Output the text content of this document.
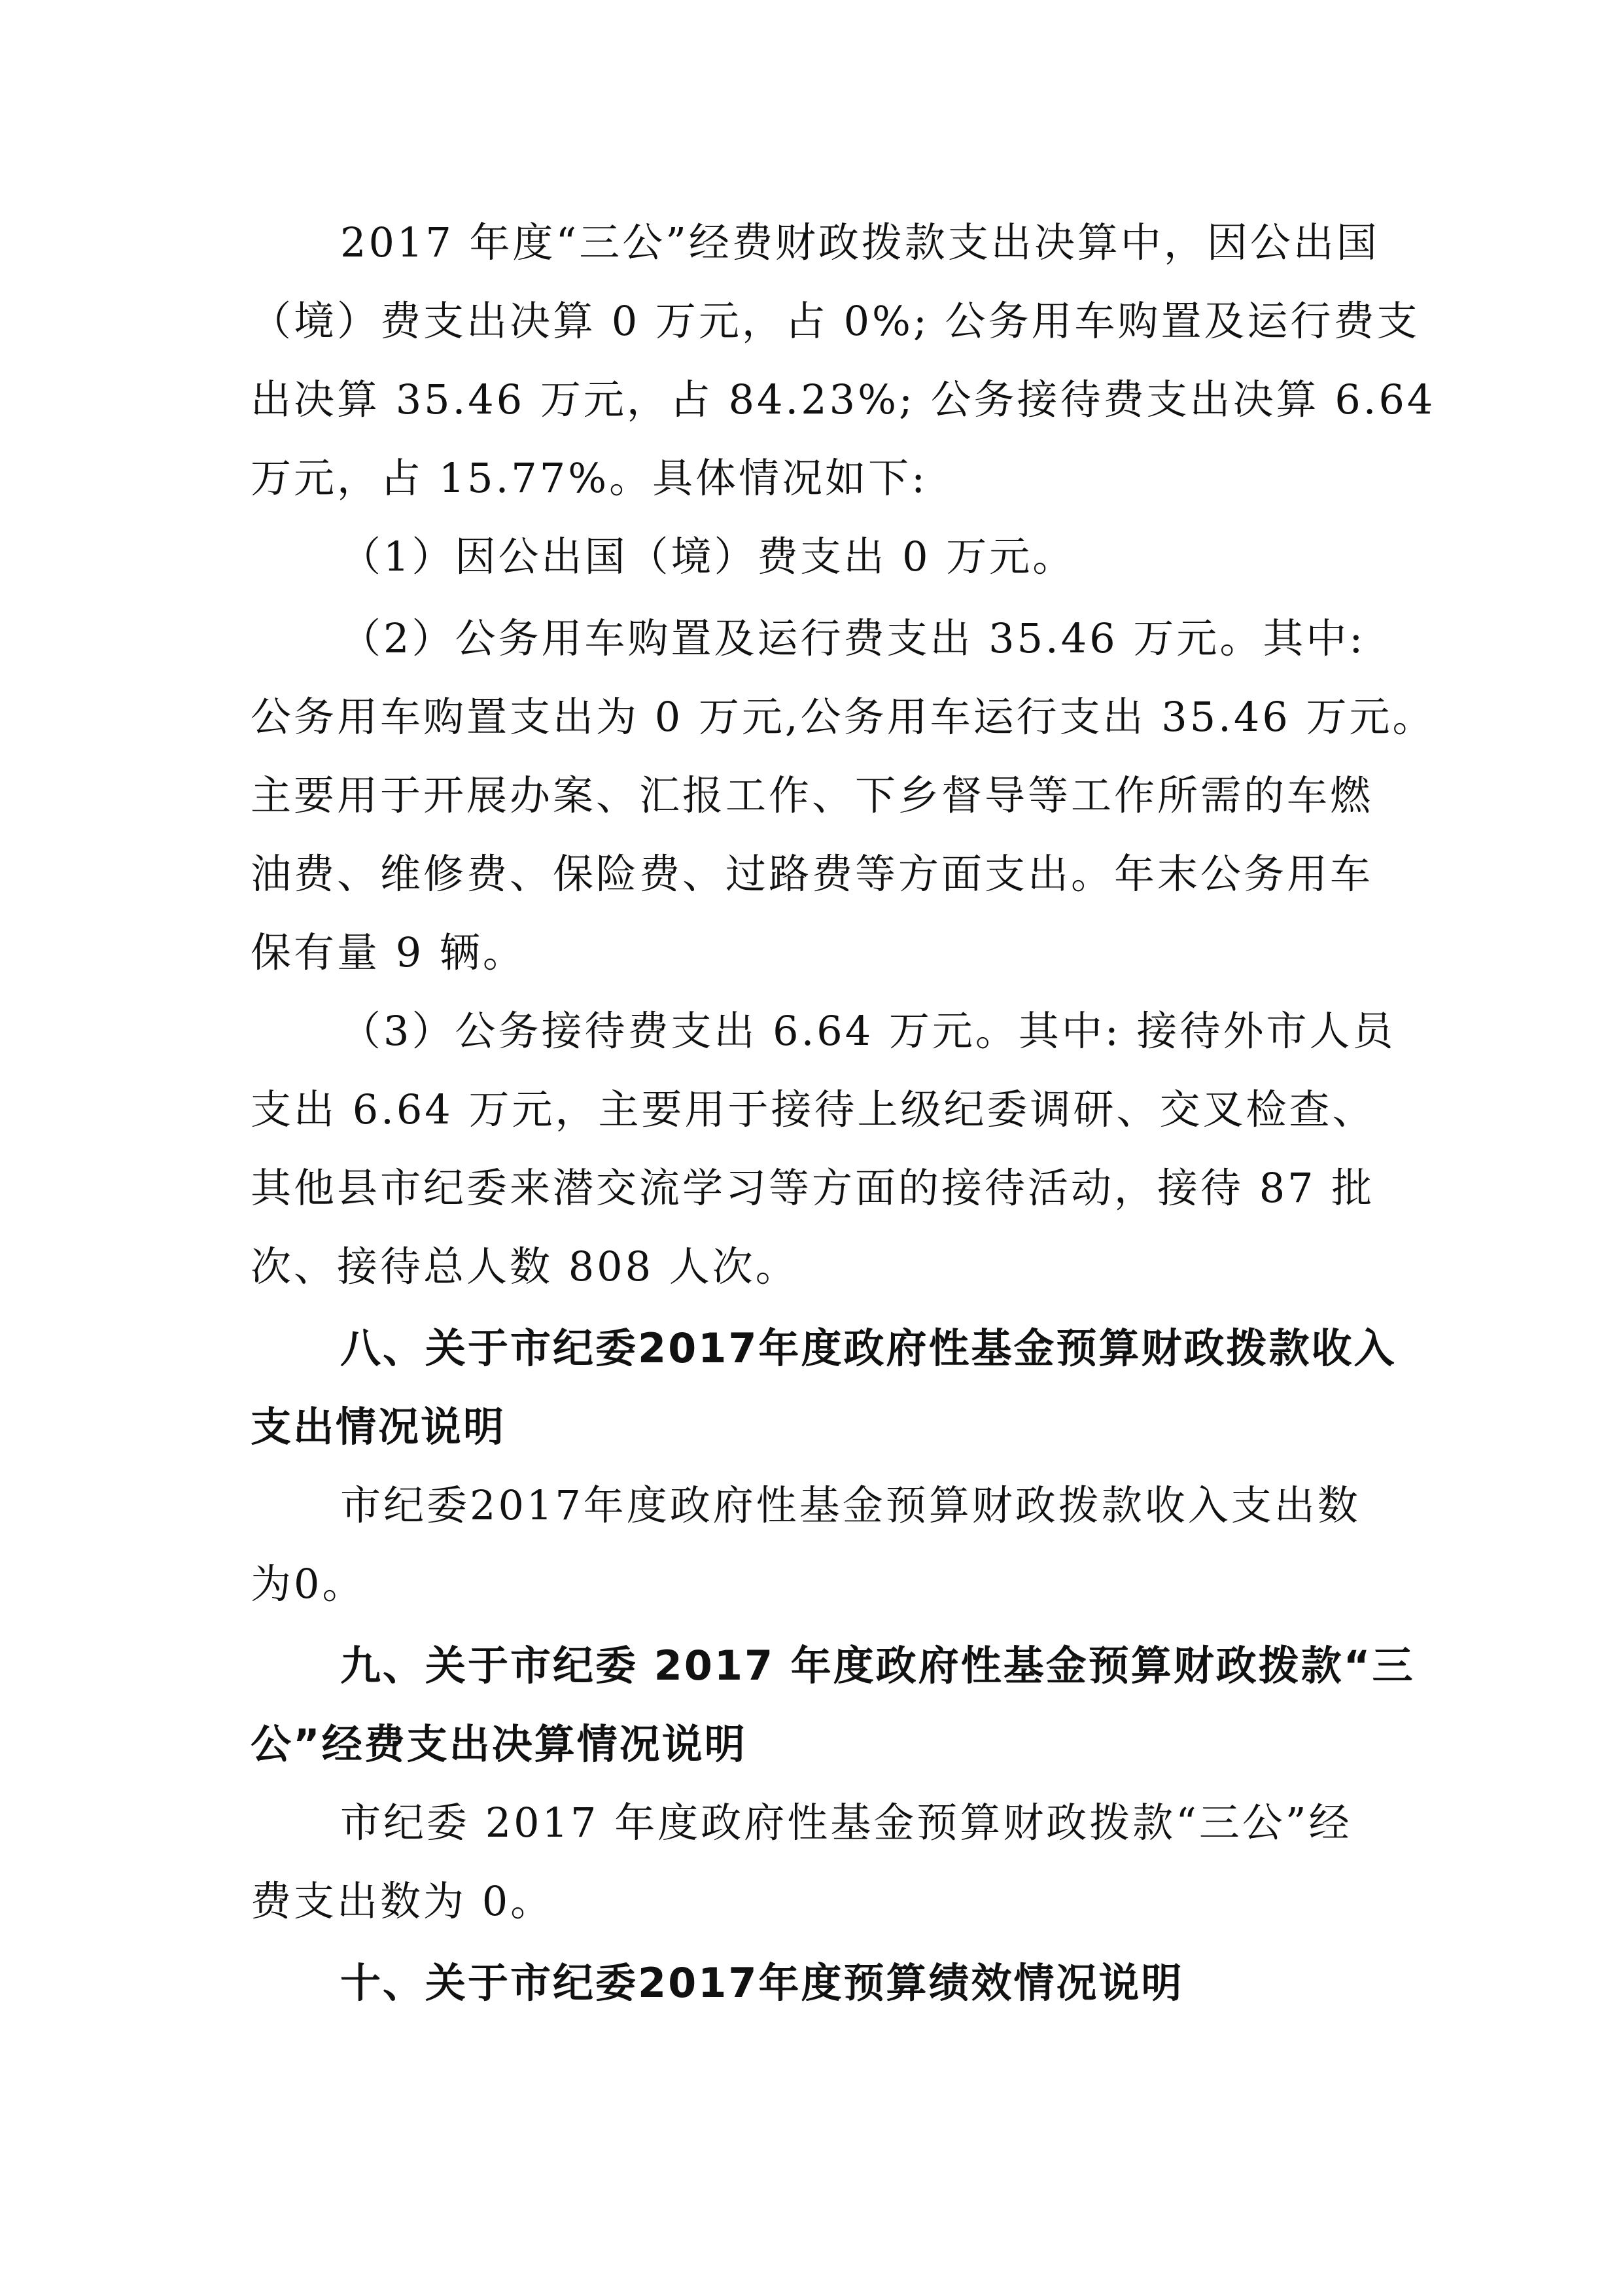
2017 年度“三公”经费财政拨款支出决算中，因公出国
（境）费支出决算 0 万元，占 0%; 公务用车购置及运行费支
出决算 35.46 万元，占 84.23%; 公务接待费支出决算 6.64
万元，占 15.77%。具体情况如下:
（1）因公出国（境）费支出 0 万元。
（2）公务用车购置及运行费支出 35.46 万元。其中:
公务用车购置支出为 0 万元,公务用车运行支出 35.46 万元。
主要用于开展办案、汇报工作、下乡督导等工作所需的车燃
油费、维修费、保险费、过路费等方面支出。年末公务用车
保有量 9 辆。
（3）公务接待费支出 6.64 万元。其中: 接待外市人员
支出 6.64 万元，主要用于接待上级纪委调研、交叉检查、
其他县市纪委来潜交流学习等方面的接待活动，接待 87 批
次、接待总人数 808 人次。
八、关于市纪委2017年度政府性基金预算财政拨款收入
支出情况说明
市纪委2017年度政府性基金预算财政拨款收入支出数
为0。
九、关于市纪委 2017 年度政府性基金预算财政拨款“三
公”经费支出决算情况说明
市纪委 2017 年度政府性基金预算财政拨款“三公”经
费支出数为 0。
十、关于市纪委2017年度预算绩效情况说明
